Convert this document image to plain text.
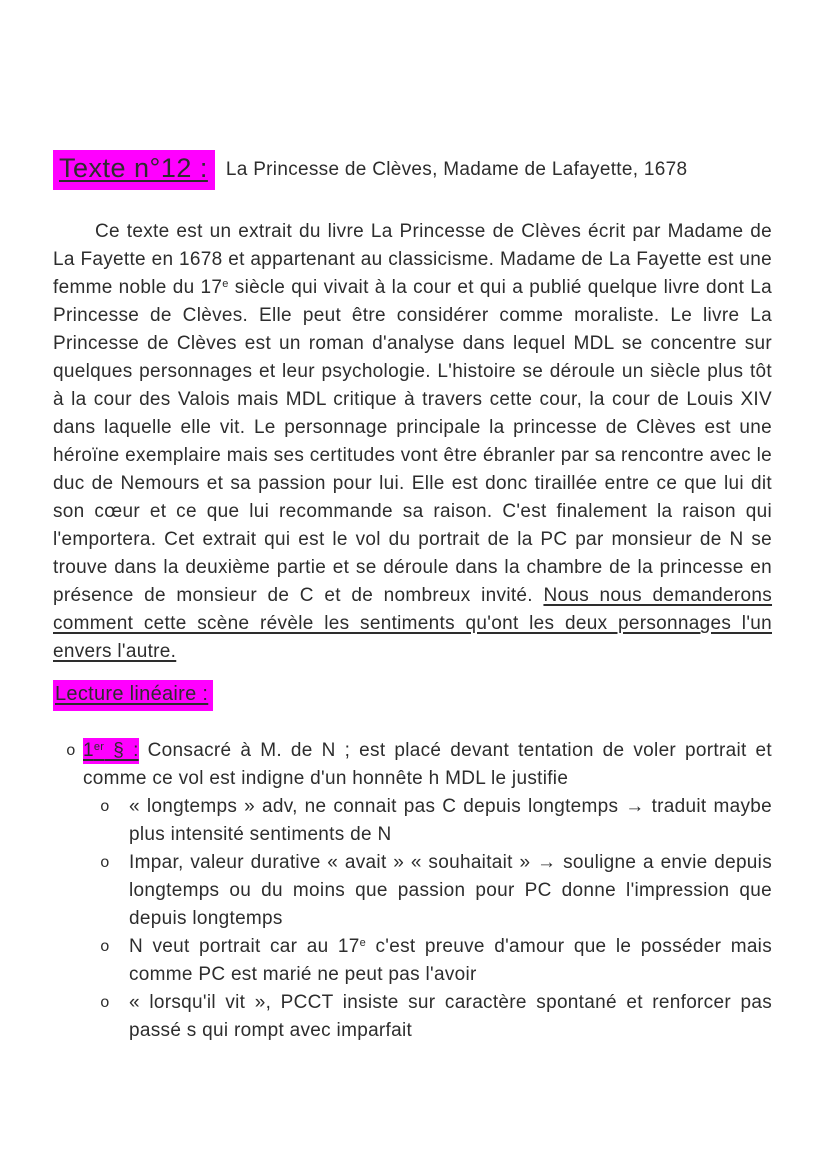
Texte n°12 : La Princesse de Clèves, Madame de Lafayette, 1678

Ce texte est un extrait du livre La Princesse de Clèves écrit par Madame de La Fayette en 1678 et appartenant au classicisme. Madame de La Fayette est une femme noble du 17e siècle qui vivait à la cour et qui a publié quelque livre dont La Princesse de Clèves. Elle peut être considérer comme moraliste. Le livre La Princesse de Clèves est un roman d'analyse dans lequel MDL se concentre sur quelques personnages et leur psychologie. L'histoire se déroule un siècle plus tôt à la cour des Valois mais MDL critique à travers cette cour, la cour de Louis XIV dans laquelle elle vit. Le personnage principale la princesse de Clèves est une héroïne exemplaire mais ses certitudes vont être ébranler par sa rencontre avec le duc de Nemours et sa passion pour lui. Elle est donc tiraillée entre ce que lui dit son cœur et ce que lui recommande sa raison. C'est finalement la raison qui l'emportera. Cet extrait qui est le vol du portrait de la PC par monsieur de N se trouve dans la deuxième partie et se déroule dans la chambre de la princesse en présence de monsieur de C et de nombreux invité. Nous nous demanderons comment cette scène révèle les sentiments qu'ont les deux personnages l'un envers l'autre.

Lecture linéaire :
o 1er § : Consacré à M. de N ; est placé devant tentation de voler portrait et comme ce vol est indigne d'un honnête h MDL le justifie
o « longtemps » adv, ne connait pas C depuis longtemps → traduit maybe plus intensité sentiments de N
o Impar, valeur durative « avait » « souhaitait » → souligne a envie depuis longtemps ou du moins que passion pour PC donne l'impression que depuis longtemps
o N veut portrait car au 17e c'est preuve d'amour que le posséder mais comme PC est marié ne peut pas l'avoir
o « lorsqu'il vit », PCCT insiste sur caractère spontané et renforcer pas passé s qui rompt avec imparfait
